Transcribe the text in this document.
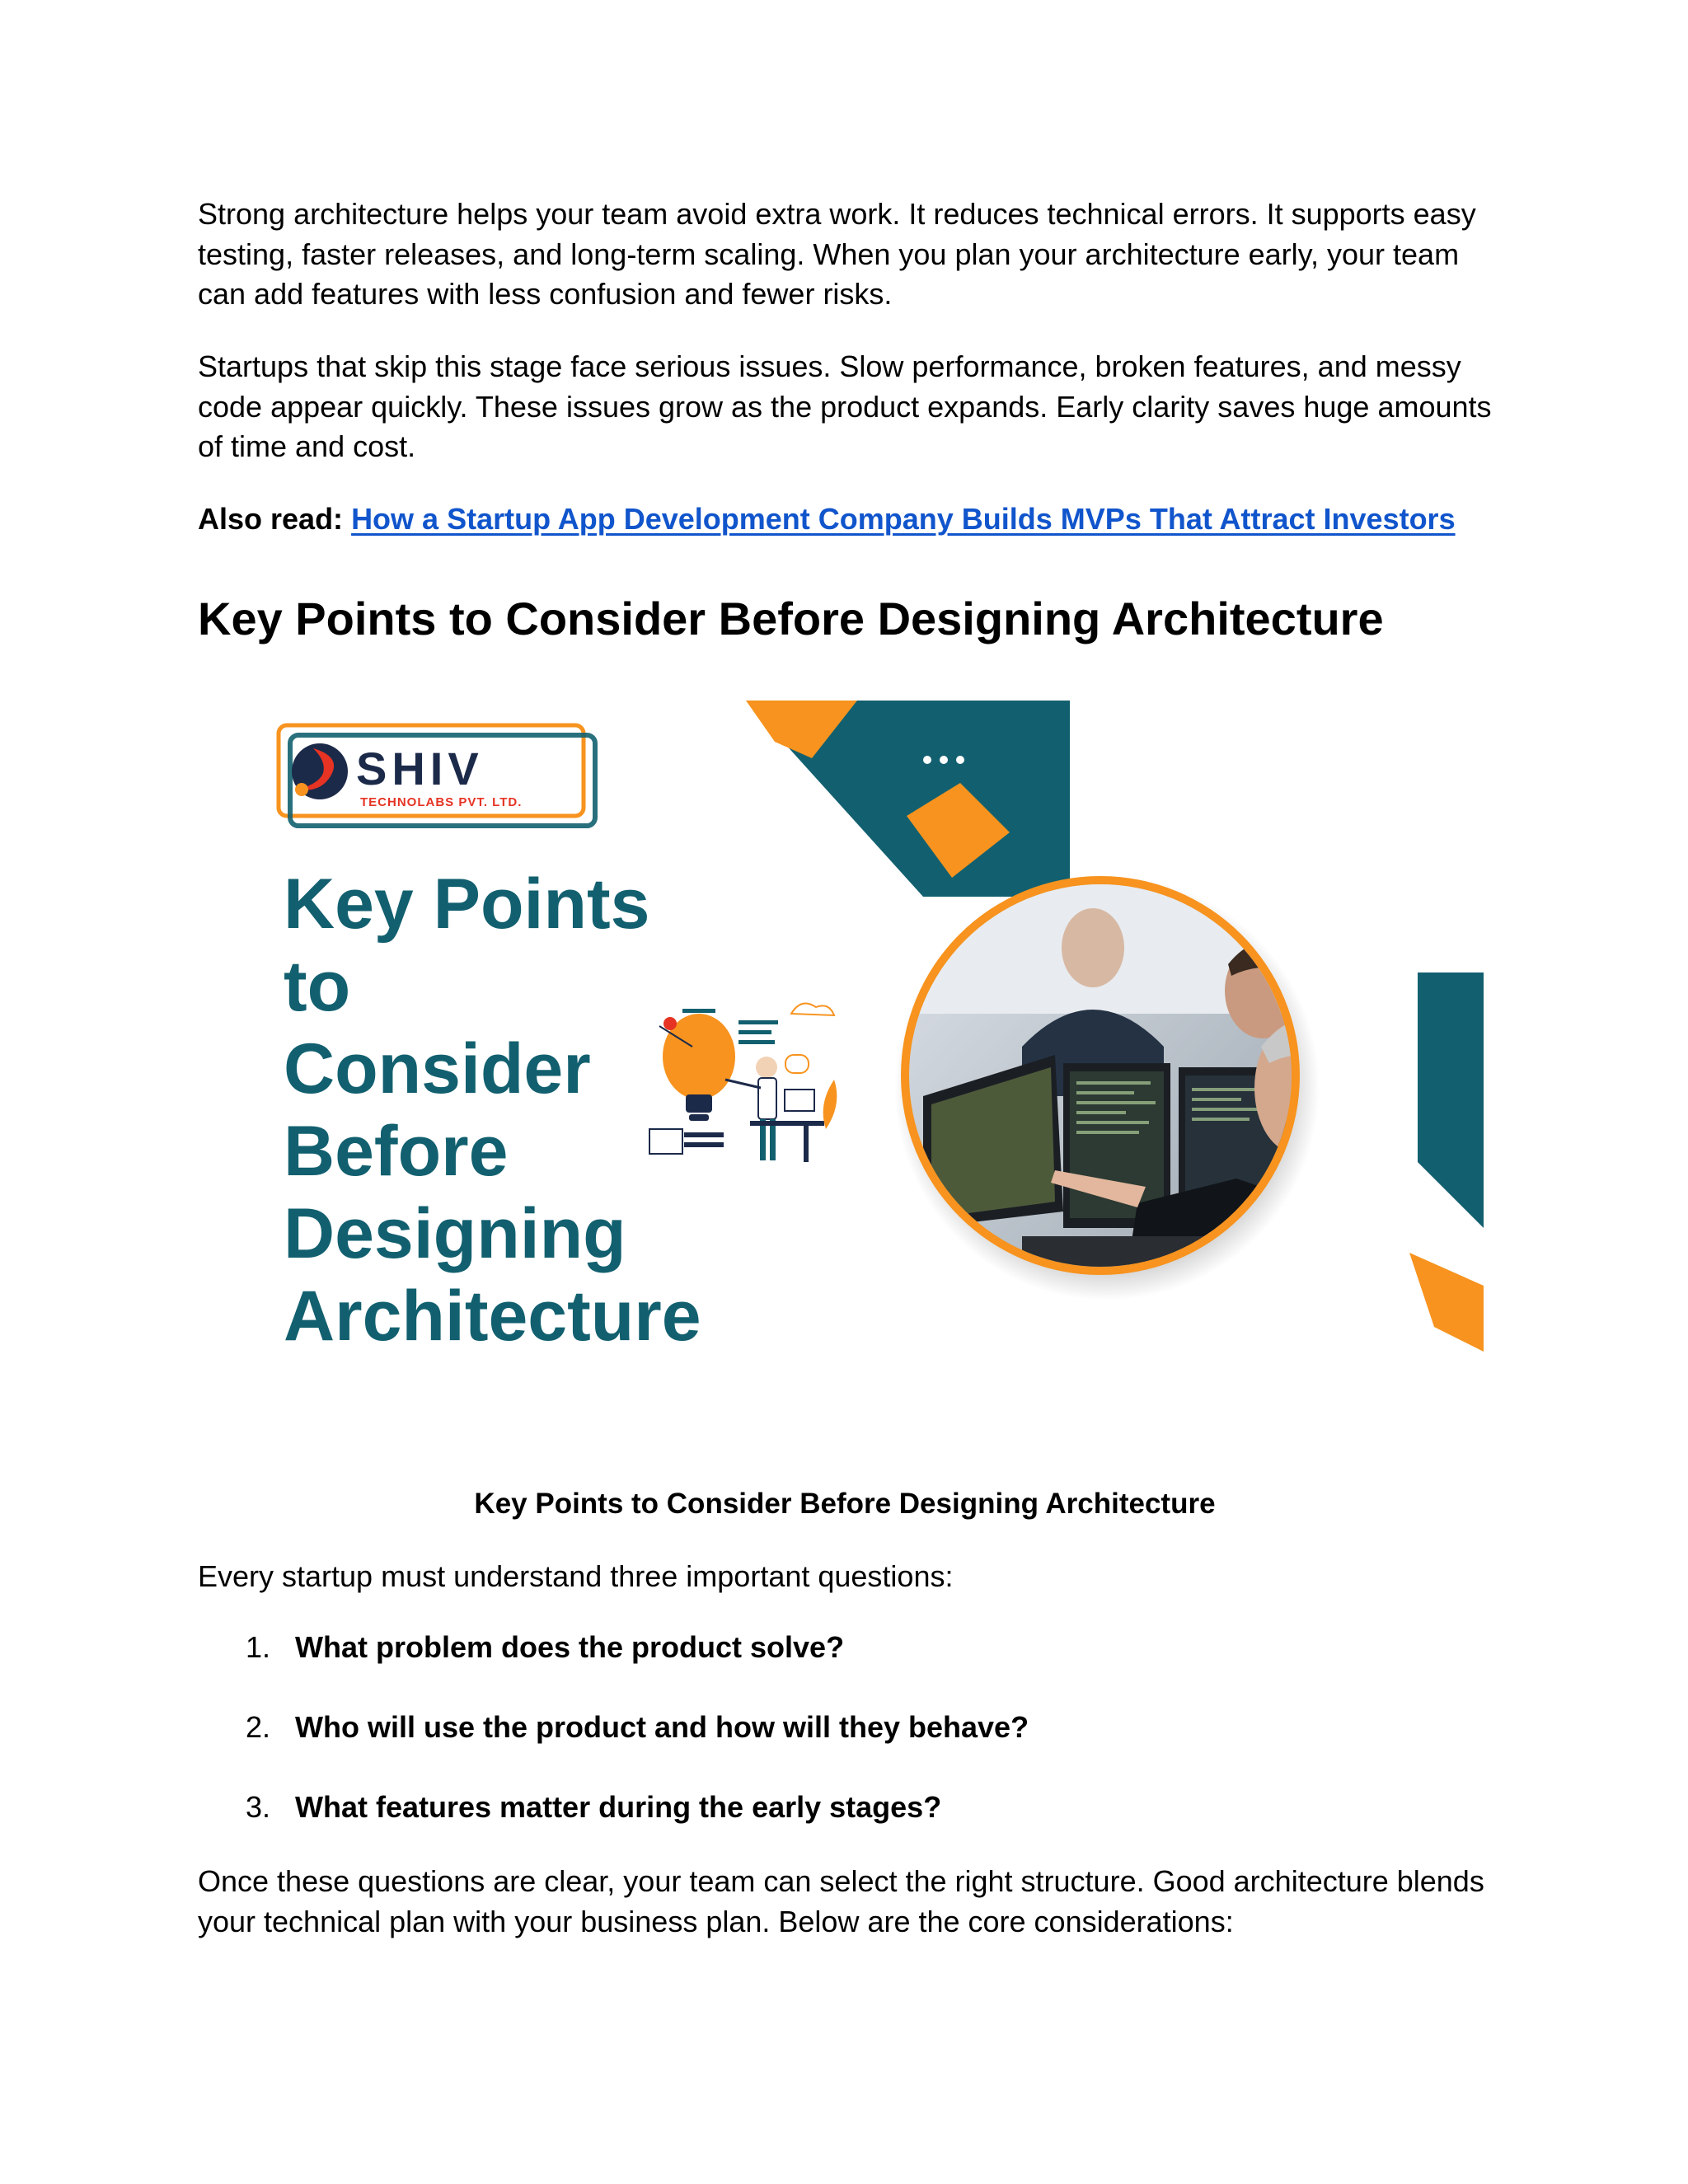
Strong architecture helps your team avoid extra work. It reduces technical errors. It supports easy testing, faster releases, and long-term scaling. When you plan your architecture early, your team can add features with less confusion and fewer risks.

Startups that skip this stage face serious issues. Slow performance, broken features, and messy code appear quickly. These issues grow as the product expands. Early clarity saves huge amounts of time and cost.

Also read: How a Startup App Development Company Builds MVPs That Attract Investors

Key Points to Consider Before Designing Architecture
SHIV
TECHNOLABS PVT. LTD.
Key Points
to
Consider
Before
Designing
Architecture

Key Points to Consider Before Designing Architecture

Every startup must understand three important questions:

1. What problem does the product solve?
2. Who will use the product and how will they behave?
3. What features matter during the early stages?

Once these questions are clear, your team can select the right structure. Good architecture blends your technical plan with your business plan. Below are the core considerations:
